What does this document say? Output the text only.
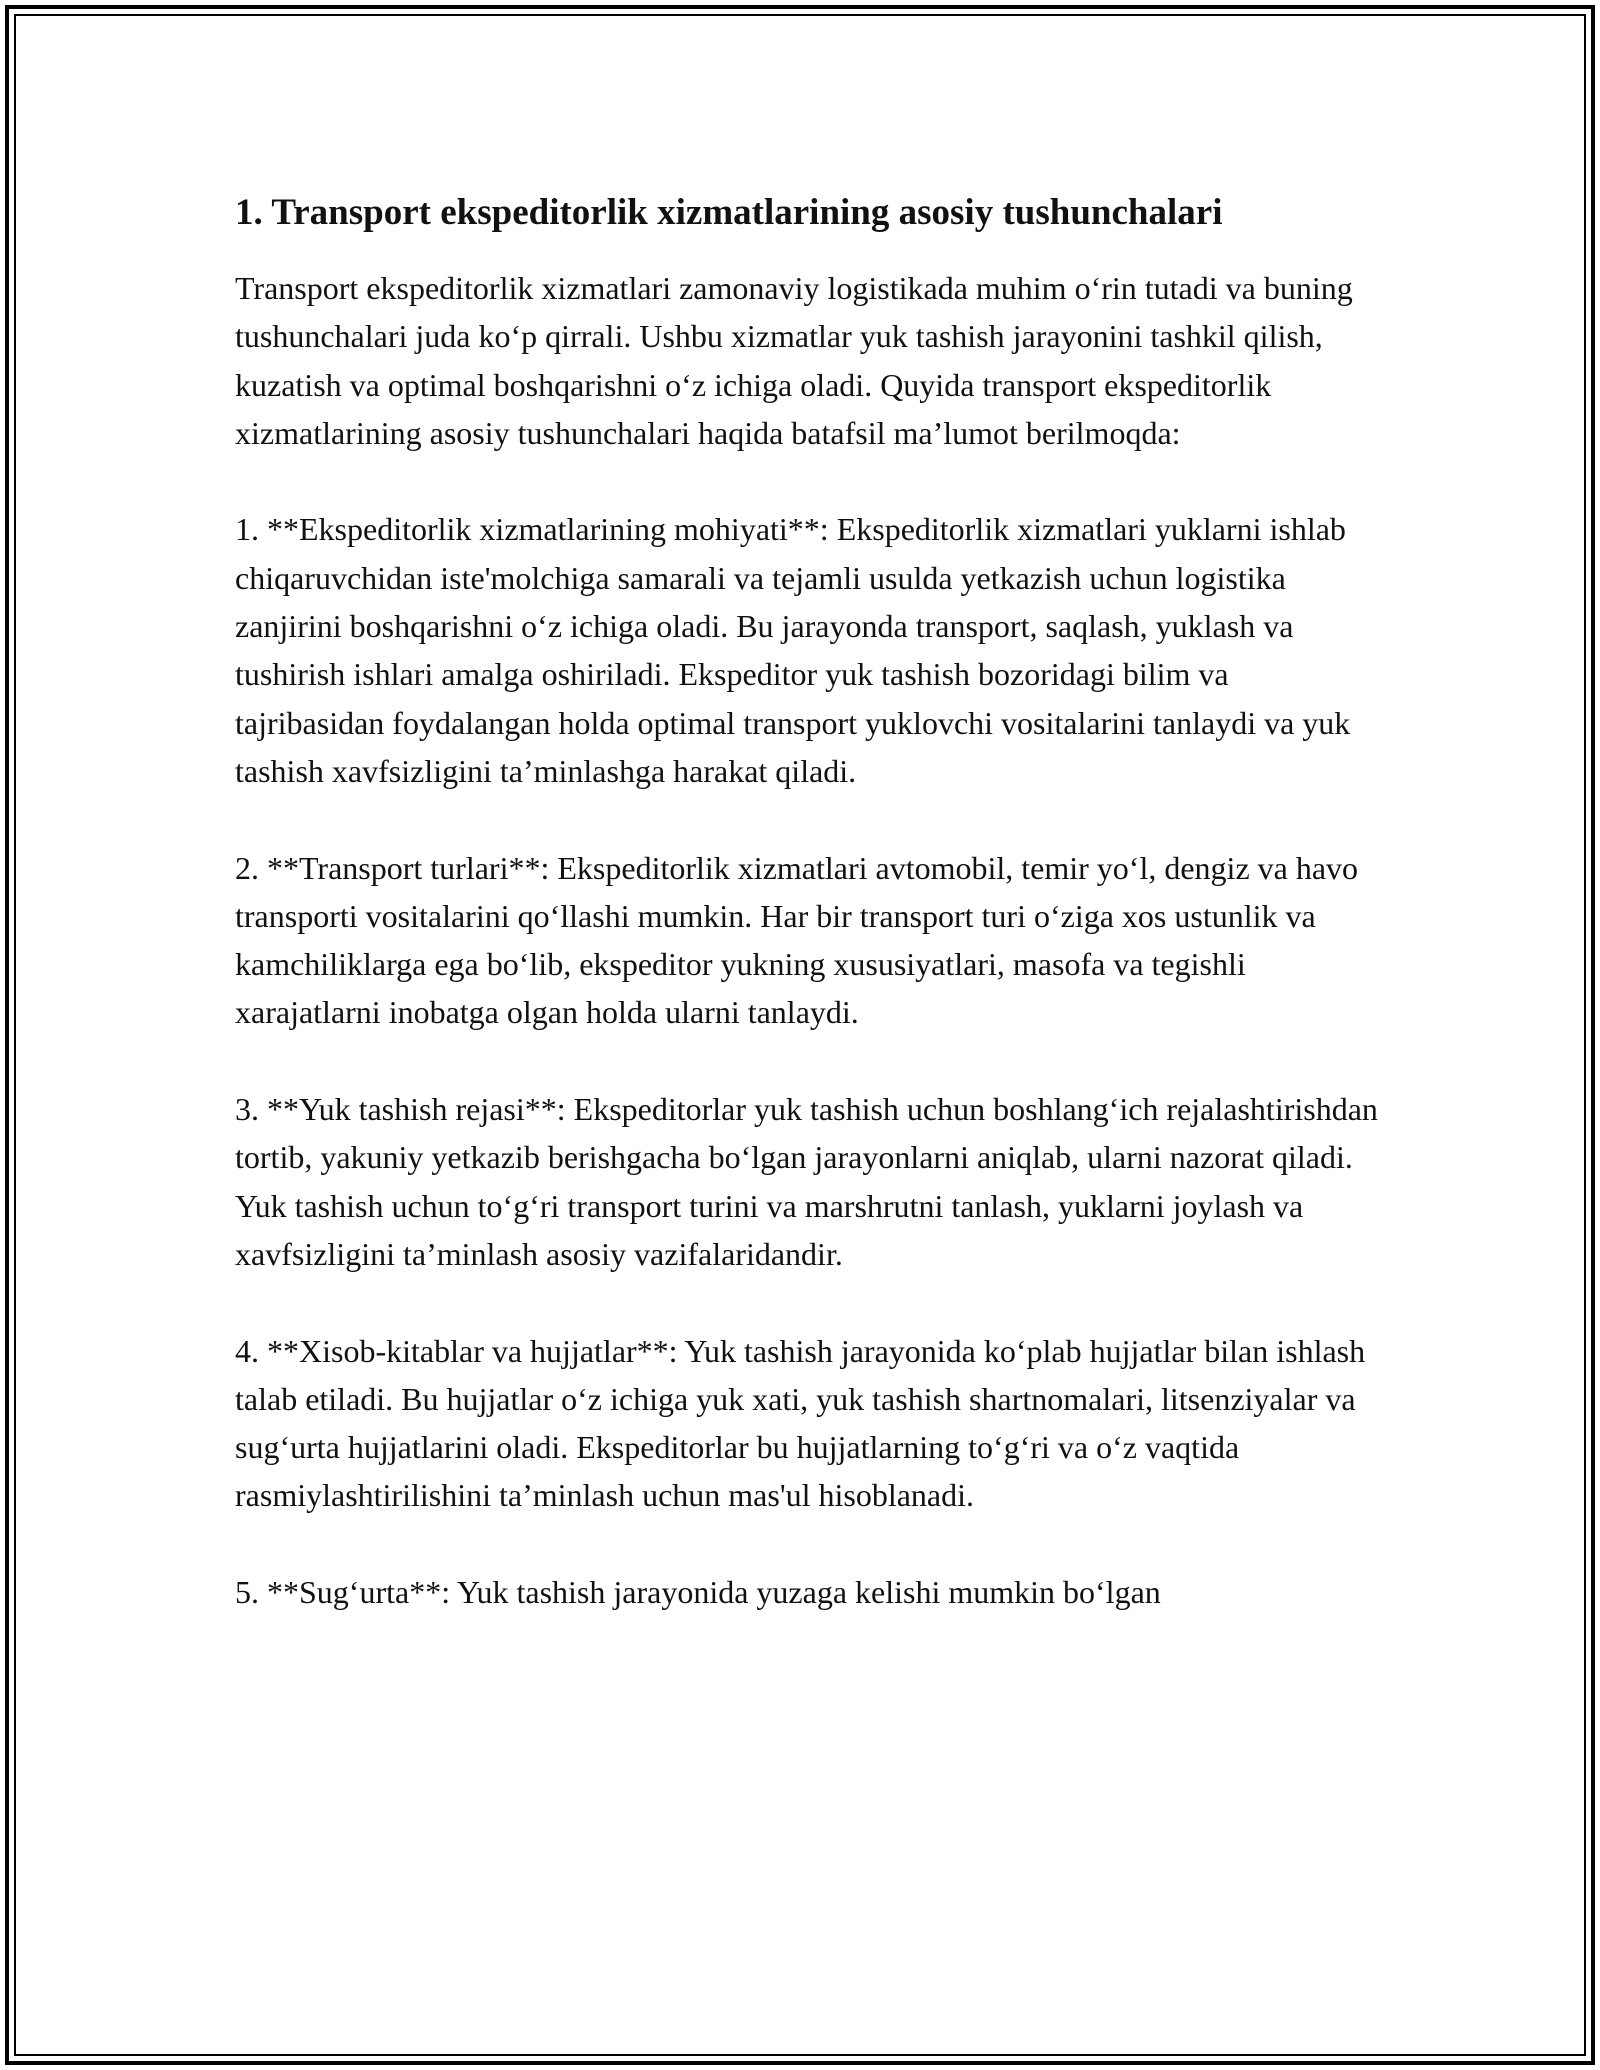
1. Transport ekspeditorlik xizmatlarining asosiy tushunchalari

Transport ekspeditorlik xizmatlari zamonaviy logistikada muhim o‘rin tutadi va buning tushunchalari juda ko‘p qirrali. Ushbu xizmatlar yuk tashish jarayonini tashkil qilish, kuzatish va optimal boshqarishni o‘z ichiga oladi. Quyida transport ekspeditorlik xizmatlarining asosiy tushunchalari haqida batafsil ma’lumot berilmoqda:

1. **Ekspeditorlik xizmatlarining mohiyati**: Ekspeditorlik xizmatlari yuklarni ishlab chiqaruvchidan iste'molchiga samarali va tejamli usulda yetkazish uchun logistika zanjirini boshqarishni o‘z ichiga oladi. Bu jarayonda transport, saqlash, yuklash va tushirish ishlari amalga oshiriladi. Ekspeditor yuk tashish bozoridagi bilim va tajribasidan foydalangan holda optimal transport yuklovchi vositalarini tanlaydi va yuk tashish xavfsizligini ta’minlashga harakat qiladi.

2. **Transport turlari**: Ekspeditorlik xizmatlari avtomobil, temir yo‘l, dengiz va havo transporti vositalarini qo‘llashi mumkin. Har bir transport turi o‘ziga xos ustunlik va kamchiliklarga ega bo‘lib, ekspeditor yukning xususiyatlari, masofa va tegishli xarajatlarni inobatga olgan holda ularni tanlaydi.

3. **Yuk tashish rejasi**: Ekspeditorlar yuk tashish uchun boshlang‘ich rejalashtirishdan tortib, yakuniy yetkazib berishgacha bo‘lgan jarayonlarni aniqlab, ularni nazorat qiladi. Yuk tashish uchun to‘g‘ri transport turini va marshrutni tanlash, yuklarni joylash va xavfsizligini ta’minlash asosiy vazifalaridandir.

4. **Xisob-kitablar va hujjatlar**: Yuk tashish jarayonida ko‘plab hujjatlar bilan ishlash talab etiladi. Bu hujjatlar o‘z ichiga yuk xati, yuk tashish shartnomalari, litsenziyalar va sug‘urta hujjatlarini oladi. Ekspeditorlar bu hujjatlarning to‘g‘ri va o‘z vaqtida rasmiylashtirilishini ta’minlash uchun mas'ul hisoblanadi.

5. **Sug‘urta**: Yuk tashish jarayonida yuzaga kelishi mumkin bo‘lgan
